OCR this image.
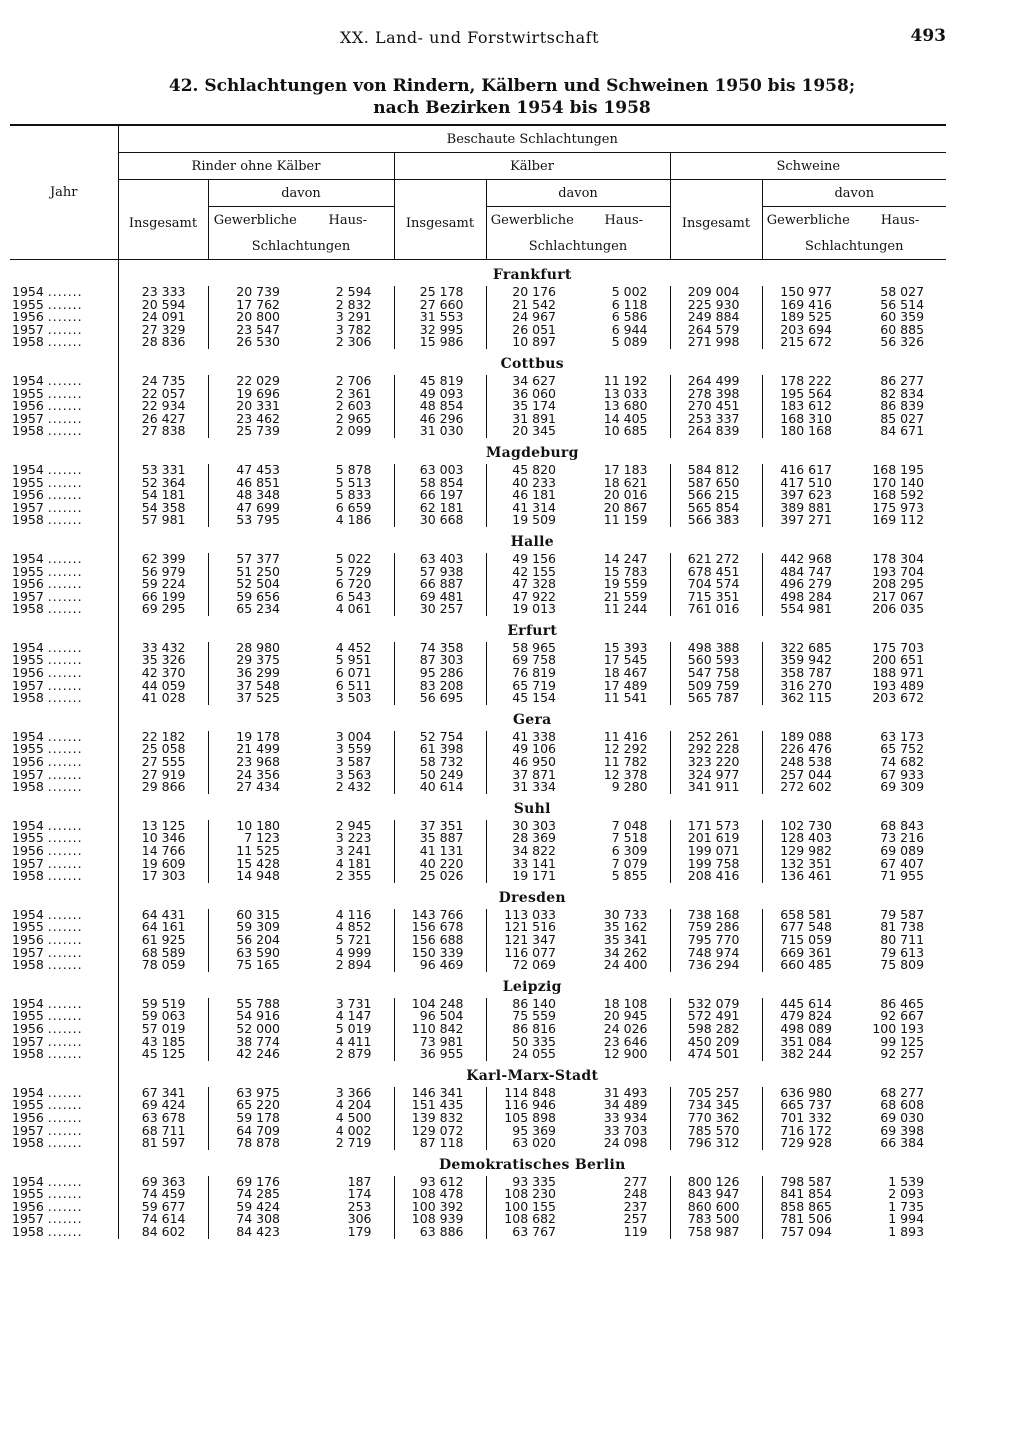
XX. Land- und Forstwirtschaft	493
42. Schlachtungen von Rindern, Kälbern und Schweinen 1950 bis 1958;
nach Bezirken 1954 bis 1958
Jahr	Beschaute Schlachtungen								
	Rinder ohne Kälber			Kälber			Schweine		
	Insgesamt	davon		Insgesamt	davon		Insgesamt	davon	
		Gewerbliche	Haus-		Gewerbliche	Haus-		Gewerbliche	Haus-
		Schlachtungen			Schlachtungen			Schlachtungen	
	Frankfurt								
1954 .......	23 333	20 739	2 594	25 178	20 176	5 002	209 004	150 977	58 027
1955 .......	20 594	17 762	2 832	27 660	21 542	6 118	225 930	169 416	56 514
1956 .......	24 091	20 800	3 291	31 553	24 967	6 586	249 884	189 525	60 359
1957 .......	27 329	23 547	3 782	32 995	26 051	6 944	264 579	203 694	60 885
1958 .......	28 836	26 530	2 306	15 986	10 897	5 089	271 998	215 672	56 326
	Cottbus								
1954 .......	24 735	22 029	2 706	45 819	34 627	11 192	264 499	178 222	86 277
1955 .......	22 057	19 696	2 361	49 093	36 060	13 033	278 398	195 564	82 834
1956 .......	22 934	20 331	2 603	48 854	35 174	13 680	270 451	183 612	86 839
1957 .......	26 427	23 462	2 965	46 296	31 891	14 405	253 337	168 310	85 027
1958 .......	27 838	25 739	2 099	31 030	20 345	10 685	264 839	180 168	84 671
	Magdeburg								
1954 .......	53 331	47 453	5 878	63 003	45 820	17 183	584 812	416 617	168 195
1955 .......	52 364	46 851	5 513	58 854	40 233	18 621	587 650	417 510	170 140
1956 .......	54 181	48 348	5 833	66 197	46 181	20 016	566 215	397 623	168 592
1957 .......	54 358	47 699	6 659	62 181	41 314	20 867	565 854	389 881	175 973
1958 .......	57 981	53 795	4 186	30 668	19 509	11 159	566 383	397 271	169 112
	Halle								
1954 .......	62 399	57 377	5 022	63 403	49 156	14 247	621 272	442 968	178 304
1955 .......	56 979	51 250	5 729	57 938	42 155	15 783	678 451	484 747	193 704
1956 .......	59 224	52 504	6 720	66 887	47 328	19 559	704 574	496 279	208 295
1957 .......	66 199	59 656	6 543	69 481	47 922	21 559	715 351	498 284	217 067
1958 .......	69 295	65 234	4 061	30 257	19 013	11 244	761 016	554 981	206 035
	Erfurt								
1954 .......	33 432	28 980	4 452	74 358	58 965	15 393	498 388	322 685	175 703
1955 .......	35 326	29 375	5 951	87 303	69 758	17 545	560 593	359 942	200 651
1956 .......	42 370	36 299	6 071	95 286	76 819	18 467	547 758	358 787	188 971
1957 .......	44 059	37 548	6 511	83 208	65 719	17 489	509 759	316 270	193 489
1958 .......	41 028	37 525	3 503	56 695	45 154	11 541	565 787	362 115	203 672
	Gera								
1954 .......	22 182	19 178	3 004	52 754	41 338	11 416	252 261	189 088	63 173
1955 .......	25 058	21 499	3 559	61 398	49 106	12 292	292 228	226 476	65 752
1956 .......	27 555	23 968	3 587	58 732	46 950	11 782	323 220	248 538	74 682
1957 .......	27 919	24 356	3 563	50 249	37 871	12 378	324 977	257 044	67 933
1958 .......	29 866	27 434	2 432	40 614	31 334	9 280	341 911	272 602	69 309
	Suhl								
1954 .......	13 125	10 180	2 945	37 351	30 303	7 048	171 573	102 730	68 843
1955 .......	10 346	7 123	3 223	35 887	28 369	7 518	201 619	128 403	73 216
1956 .......	14 766	11 525	3 241	41 131	34 822	6 309	199 071	129 982	69 089
1957 .......	19 609	15 428	4 181	40 220	33 141	7 079	199 758	132 351	67 407
1958 .......	17 303	14 948	2 355	25 026	19 171	5 855	208 416	136 461	71 955
	Dresden								
1954 .......	64 431	60 315	4 116	143 766	113 033	30 733	738 168	658 581	79 587
1955 .......	64 161	59 309	4 852	156 678	121 516	35 162	759 286	677 548	81 738
1956 .......	61 925	56 204	5 721	156 688	121 347	35 341	795 770	715 059	80 711
1957 .......	68 589	63 590	4 999	150 339	116 077	34 262	748 974	669 361	79 613
1958 .......	78 059	75 165	2 894	96 469	72 069	24 400	736 294	660 485	75 809
	Leipzig								
1954 .......	59 519	55 788	3 731	104 248	86 140	18 108	532 079	445 614	86 465
1955 .......	59 063	54 916	4 147	96 504	75 559	20 945	572 491	479 824	92 667
1956 .......	57 019	52 000	5 019	110 842	86 816	24 026	598 282	498 089	100 193
1957 .......	43 185	38 774	4 411	73 981	50 335	23 646	450 209	351 084	99 125
1958 .......	45 125	42 246	2 879	36 955	24 055	12 900	474 501	382 244	92 257
	Karl-Marx-Stadt								
1954 .......	67 341	63 975	3 366	146 341	114 848	31 493	705 257	636 980	68 277
1955 .......	69 424	65 220	4 204	151 435	116 946	34 489	734 345	665 737	68 608
1956 .......	63 678	59 178	4 500	139 832	105 898	33 934	770 362	701 332	69 030
1957 .......	68 711	64 709	4 002	129 072	95 369	33 703	785 570	716 172	69 398
1958 .......	81 597	78 878	2 719	87 118	63 020	24 098	796 312	729 928	66 384
	Demokratisches Berlin								
1954 .......	69 363	69 176	187	93 612	93 335	277	800 126	798 587	1 539
1955 .......	74 459	74 285	174	108 478	108 230	248	843 947	841 854	2 093
1956 .......	59 677	59 424	253	100 392	100 155	237	860 600	858 865	1 735
1957 .......	74 614	74 308	306	108 939	108 682	257	783 500	781 506	1 994
1958 .......	84 602	84 423	179	63 886	63 767	119	758 987	757 094	1 893
